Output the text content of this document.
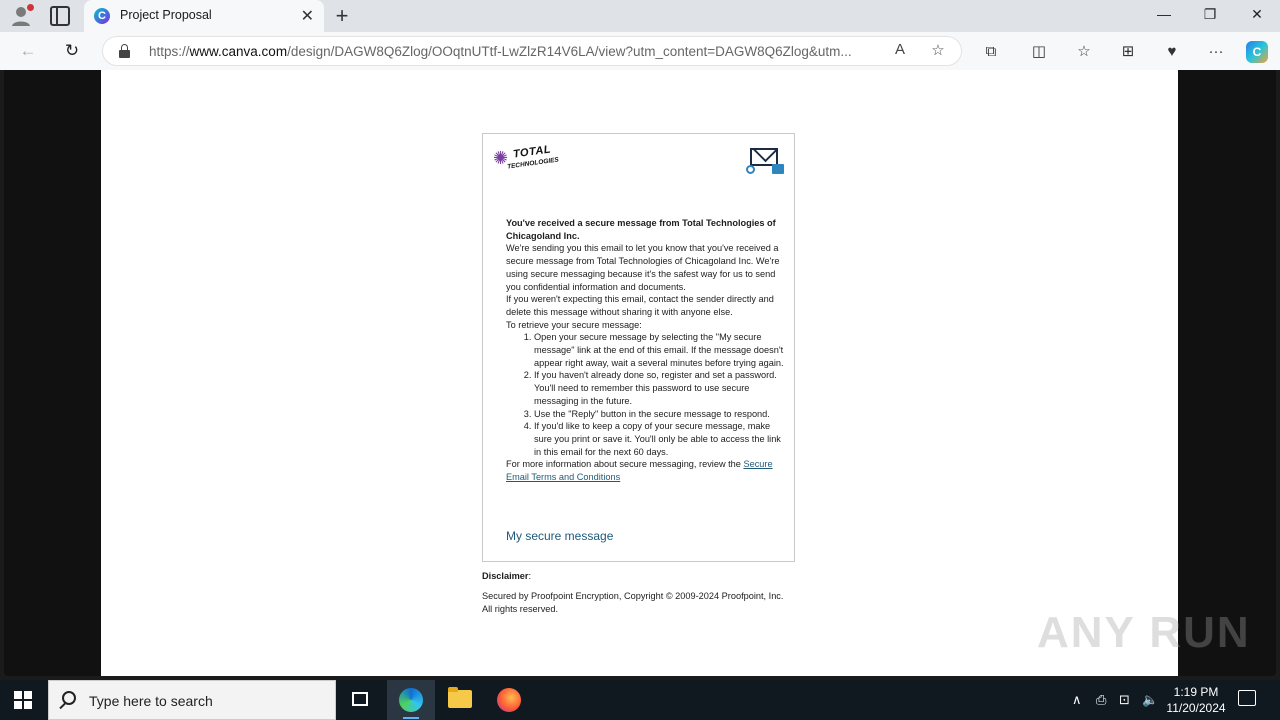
C	Project Proposal	✕ +	— ❐ ✕
← ↻	https://www.canva.com/design/DAGW8Q6Zlog/OOqtnUTtf-LwZlzR14V6LA/view?utm_content=DAGW8Q6Zlog&utm...	A	☆	⧉	◫ ☆	⊞	♥	···	C
✺ TOTAL
TECHNOLOGIES
You've received a secure message from Total Technologies of Chicagoland Inc.

We're sending you this email to let you know that you've received a secure message from Total Technologies of Chicagoland Inc. We're using secure messaging because it's the safest way for us to send you confidential information and documents.

If you weren't expecting this email, contact the sender directly and delete this message without sharing it with anyone else.

To retrieve your secure message:

1. Open your secure message by selecting the "My secure message" link at the end of this email. If the message doesn't appear right away, wait a several minutes before trying again.
2. If you haven't already done so, register and set a password. You'll need to remember this password to use secure messaging in the future.
3. Use the "Reply" button in the secure message to respond.
4. If you'd like to keep a copy of your secure message, make sure you print or save it. You'll only be able to access the link in this email for the next 60 days.

For more information about secure messaging, review the Secure Email Terms and Conditions

My secure message
Disclaimer:
Secured by Proofpoint Encryption, Copyright © 2009-2024 Proofpoint, Inc. All rights reserved.	ANY RUN
Type here to search	∧ ⎙ ⊡ 🔈	1:19 PM
11/20/2024
